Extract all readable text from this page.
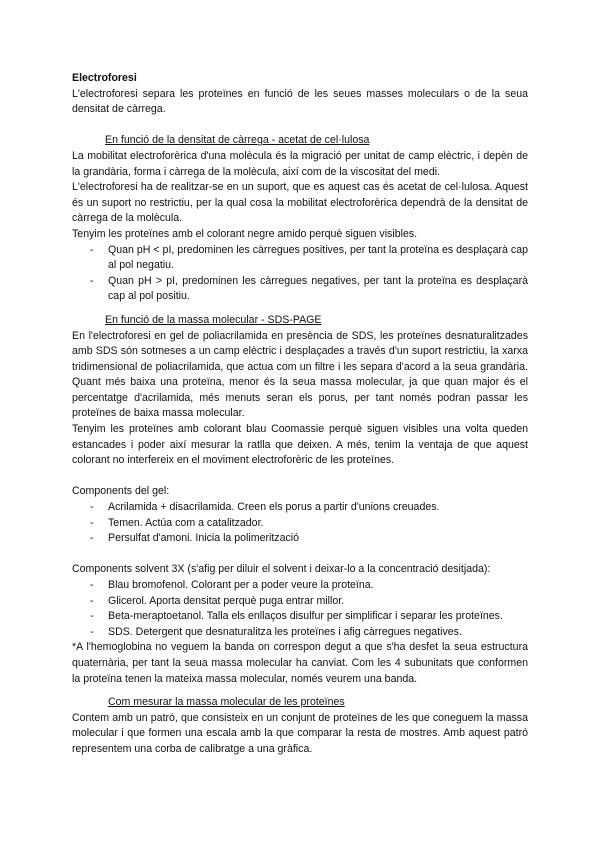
Electroforesi

L'electroforesi separa les proteïnes en funció de les seues masses moleculars o de la seua densitat de càrrega.

En funció de la densitat de càrrega - acetat de cel·lulosa

La mobilitat electroforèrica d'una molècula és la migració per unitat de camp elèctric, i depèn de la grandària, forma i càrrega de la molècula, així com de la viscositat del medi.

L'electroforesi ha de realitzar-se en un suport, que es aquest cas és acetat de cel·lulosa. Aquest és un suport no restrictiu, per la qual cosa la mobilitat electroforèrica dependrà de la densitat de càrrega de la molècula.

Tenyim les proteïnes amb el colorant negre amido perquè siguen visibles.

- Quan pH < pI, predominen les càrregues positives, per tant la proteïna es desplaçarà cap al pol negatiu.
- Quan pH > pI, predominen les càrregues negatives, per tant la proteïna es desplaçarà cap al pol positiu.

En funció de la massa molecular - SDS-PAGE

En l'electroforesi en gel de poliacrilamida en presència de SDS, les proteïnes desnaturalitzades amb SDS són sotmeses a un camp elèctric i desplaçades a través d'un suport restrictiu, la xarxa tridimensional de poliacrilamida, que actua com un filtre i les separa d'acord a la seua grandària. Quant més baixa una proteïna, menor és la seua massa molecular, ja que quan major és el percentatge d'acrilamida, més menuts seran els porus, per tant només podran passar les proteïnes de baixa massa molecular.

Tenyim les proteïnes amb colorant blau Coomassie perquè siguen visibles una volta queden estancades i poder així mesurar la ratlla que deixen. A més, tenim la ventaja de que aquest colorant no interfereix en el moviment electroforèric de les proteïnes.

Components del gel:

- Acrilamida + disacrilamida. Creen els porus a partir d'unions creuades.
- Temen. Actúa com a catalitzador.
- Persulfat d'amoni. Inicia la polimerització

Components solvent 3X (s'afig per diluir el solvent i deixar-lo a la concentració desitjada):

- Blau bromofenol. Colorant per a poder veure la proteïna.
- Glicerol. Aporta densitat perquè puga entrar millor.
- Beta-meraptoetanol. Talla els enllaços disulfur per simplificar i separar les proteïnes.
- SDS. Detergent que desnaturalitza les proteïnes i afig càrregues negatives.

*A l'hemoglobina no veguem la banda on correspon degut a que s'ha desfet la seua estructura quaternària, per tant la seua massa molecular ha canviat. Com les 4 subunitats que conformen la proteïna tenen la mateixa massa molecular, només veurem una banda.

Com mesurar la massa molecular de les proteïnes

Contem amb un patró, que consisteix en un conjunt de proteïnes de les que coneguem la massa molecular i que formen una escala amb la que comparar la resta de mostres. Amb aquest patró representem una corba de calibratge a una gràfica.
